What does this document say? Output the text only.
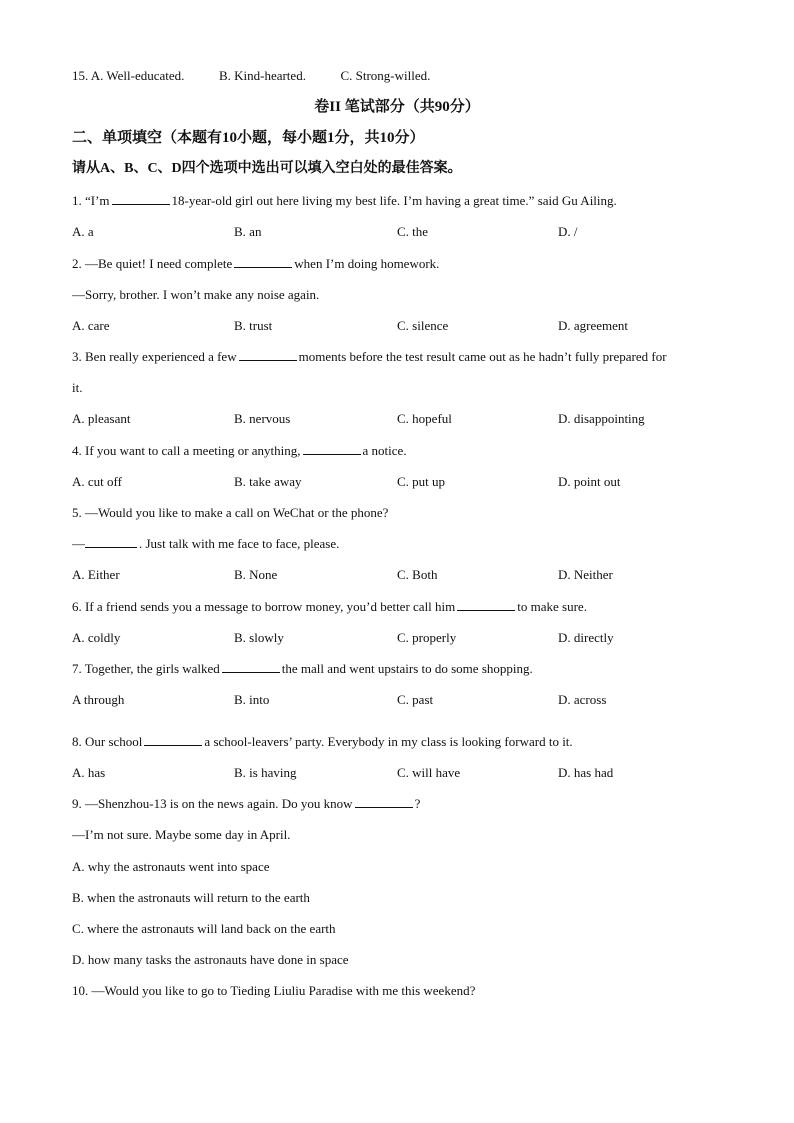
15. A. Well-educated.	B. Kind-hearted.	C. Strong-willed.
卷II 笔试部分（共90分）
二、单项填空（本题有10小题，每小题1分，共10分）
请从A、B、C、D四个选项中选出可以填入空白处的最佳答案。
1. “I’m	18-year-old girl out here living my best life. I’m having a great time.” said Gu Ailing.
A. a	B. an	C. the	D. /
2. —Be quiet! I need complete	when I’m doing homework.
—Sorry, brother. I won’t make any noise again.
A. care	B. trust	C. silence	D. agreement
3. Ben really experienced a few	moments before the test result came out as he hadn’t fully prepared for
it.
A. pleasant	B. nervous	C. hopeful	D. disappointing
4. If you want to call a meeting or anything,	a notice.
A. cut off	B. take away	C. put up	D. point out
5. —Would you like to make a call on WeChat or the phone?
—	. Just talk with me face to face, please.
A. Either	B. None	C. Both	D. Neither
6. If a friend sends you a message to borrow money, you’d better call him	to make sure.
A. coldly	B. slowly	C. properly	D. directly
7. Together, the girls walked	the mall and went upstairs to do some shopping.
A through	B. into	C. past	D. across
8. Our school	a school-leavers’ party. Everybody in my class is looking forward to it.
A. has	B. is having	C. will have	D. has had
9. —Shenzhou-13 is on the news again. Do you know	?
—I’m not sure. Maybe some day in April.
A. why the astronauts went into space
B. when the astronauts will return to the earth
C. where the astronauts will land back on the earth
D. how many tasks the astronauts have done in space
10. —Would you like to go to Tieding Liuliu Paradise with me this weekend?
